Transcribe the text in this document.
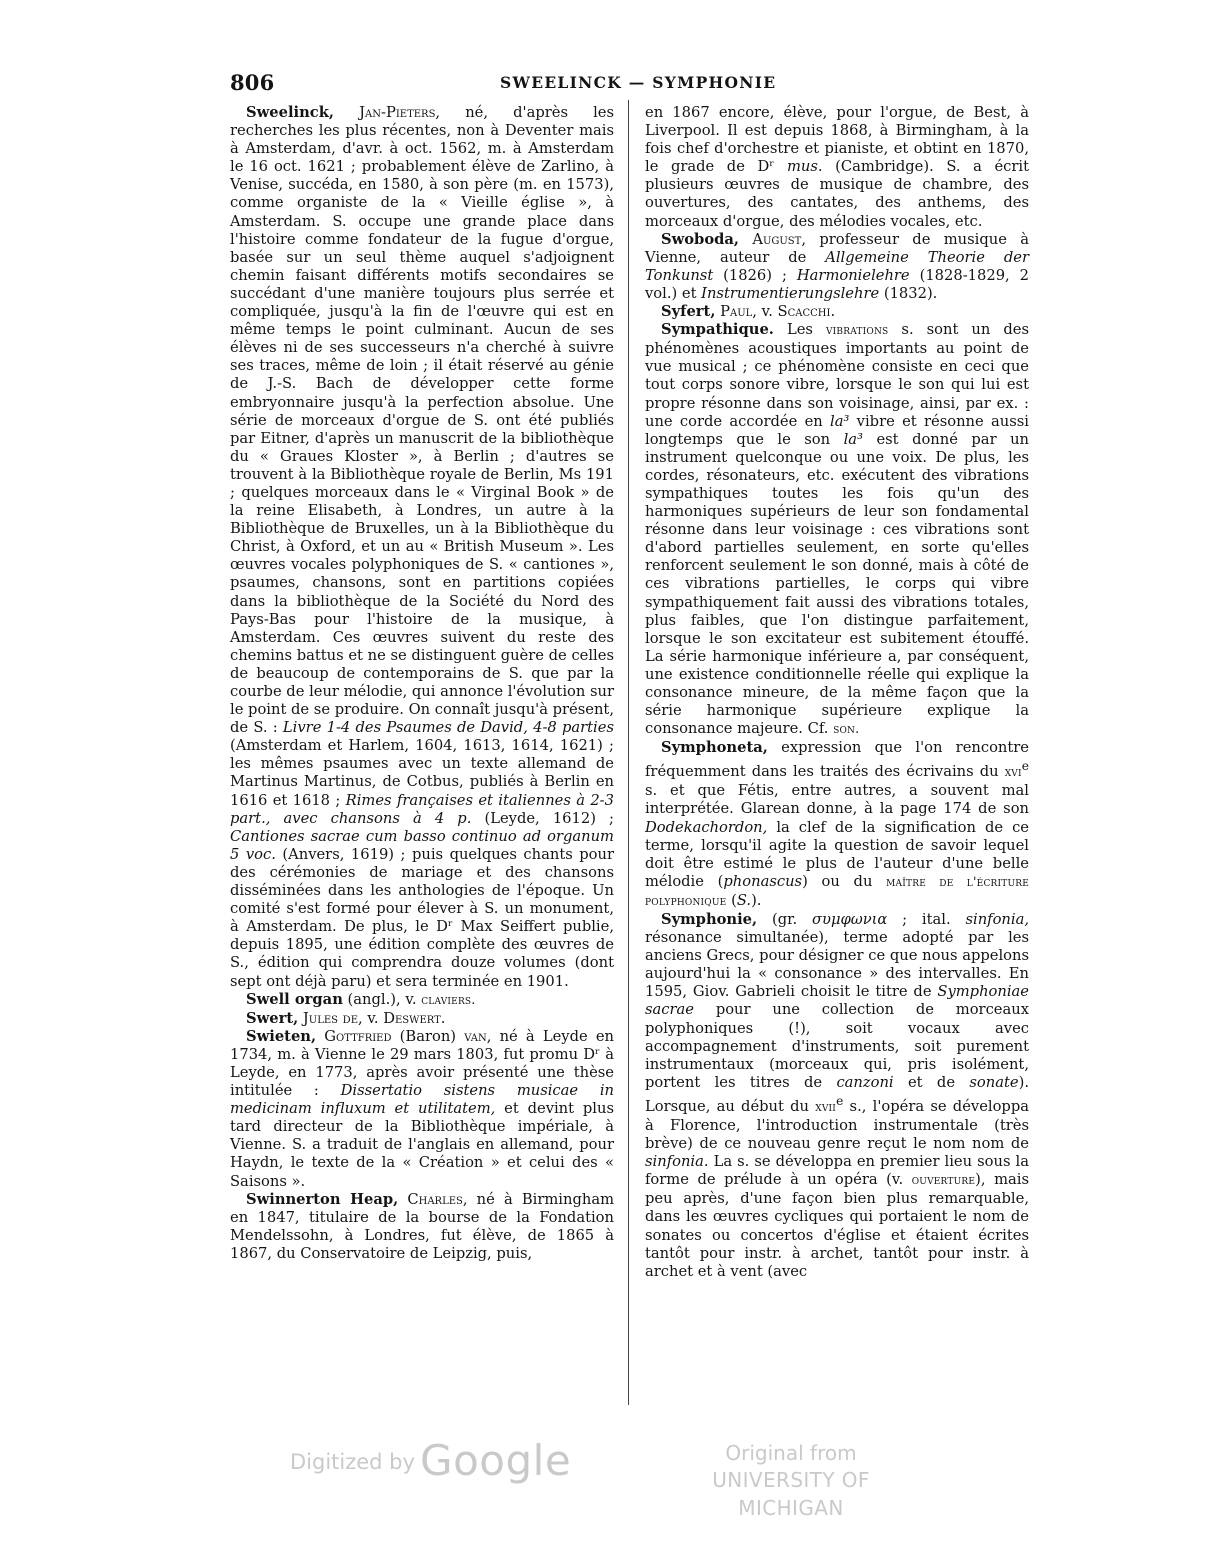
806	SWEELINCK — SYMPHONIE

Sweelinck, Jan-Pieters, né, d'après les recherches les plus récentes, non à Deventer mais à Amsterdam, d'avr. à oct. 1562, m. à Amsterdam le 16 oct. 1621 ; probablement élève de Zarlino, à Venise, succéda, en 1580, à son père (m. en 1573), comme organiste de la « Vieille église », à Amsterdam. S. occupe une grande place dans l'histoire comme fondateur de la fugue d'orgue, basée sur un seul thème auquel s'adjoignent chemin faisant différents motifs secondaires se succédant d'une manière toujours plus serrée et compliquée, jusqu'à la fin de l'œuvre qui est en même temps le point culminant. Aucun de ses élèves ni de ses successeurs n'a cherché à suivre ses traces, même de loin ; il était réservé au génie de J.-S. Bach de développer cette forme embryonnaire jusqu'à la perfection absolue. Une série de morceaux d'orgue de S. ont été publiés par Eitner, d'après un manuscrit de la bibliothèque du « Graues Kloster », à Berlin ; d'autres se trouvent à la Bibliothèque royale de Berlin, Ms 191 ; quelques morceaux dans le « Virginal Book » de la reine Elisabeth, à Londres, un autre à la Bibliothèque de Bruxelles, un à la Bibliothèque du Christ, à Oxford, et un au « British Museum ». Les œuvres vocales polyphoniques de S. « cantiones », psaumes, chansons, sont en partitions copiées dans la bibliothèque de la Société du Nord des Pays-Bas pour l'histoire de la musique, à Amsterdam. Ces œuvres suivent du reste des chemins battus et ne se distinguent guère de celles de beaucoup de contemporains de S. que par la courbe de leur mélodie, qui annonce l'évolution sur le point de se produire. On connaît jusqu'à présent, de S. : Livre 1-4 des Psaumes de David, 4-8 parties (Amsterdam et Harlem, 1604, 1613, 1614, 1621) ; les mêmes psaumes avec un texte allemand de Martinus Martinus, de Cotbus, publiés à Berlin en 1616 et 1618 ; Rimes françaises et italiennes à 2-3 part., avec chansons à 4 p. (Leyde, 1612) ; Cantiones sacrae cum basso continuo ad organum 5 voc. (Anvers, 1619) ; puis quelques chants pour des cérémonies de mariage et des chansons disséminées dans les anthologies de l'époque. Un comité s'est formé pour élever à S. un monument, à Amsterdam. De plus, le Dʳ Max Seiffert publie, depuis 1895, une édition complète des œuvres de S., édition qui comprendra douze volumes (dont sept ont déjà paru) et sera terminée en 1901.

Swell organ (angl.), v. claviers.

Swert, Jules de, v. Deswert.

Swieten, Gottfried (Baron) van, né à Leyde en 1734, m. à Vienne le 29 mars 1803, fut promu Dʳ à Leyde, en 1773, après avoir présenté une thèse intitulée : Dissertatio sistens musicae in medicinam influxum et utilitatem, et devint plus tard directeur de la Bibliothèque impériale, à Vienne. S. a traduit de l'anglais en allemand, pour Haydn, le texte de la « Création » et celui des « Saisons ».

Swinnerton Heap, Charles, né à Birmingham en 1847, titulaire de la bourse de la Fondation Mendelssohn, à Londres, fut élève, de 1865 à 1867, du Conservatoire de Leipzig, puis,

en 1867 encore, élève, pour l'orgue, de Best, à Liverpool. Il est depuis 1868, à Birmingham, à la fois chef d'orchestre et pianiste, et obtint en 1870, le grade de Dʳ mus. (Cambridge). S. a écrit plusieurs œuvres de musique de chambre, des ouvertures, des cantates, des anthems, des morceaux d'orgue, des mélodies vocales, etc.

Swoboda, August, professeur de musique à Vienne, auteur de Allgemeine Theorie der Tonkunst (1826) ; Harmonielehre (1828-1829, 2 vol.) et Instrumentierungslehre (1832).

Syfert, Paul, v. Scacchi.

Sympathique. Les vibrations s. sont un des phénomènes acoustiques importants au point de vue musical ; ce phénomène consiste en ceci que tout corps sonore vibre, lorsque le son qui lui est propre résonne dans son voisinage, ainsi, par ex. : une corde accordée en la³ vibre et résonne aussi longtemps que le son la³ est donné par un instrument quelconque ou une voix. De plus, les cordes, résonateurs, etc. exécutent des vibrations sympathiques toutes les fois qu'un des harmoniques supérieurs de leur son fondamental résonne dans leur voisinage : ces vibrations sont d'abord partielles seulement, en sorte qu'elles renforcent seulement le son donné, mais à côté de ces vibrations partielles, le corps qui vibre sympathiquement fait aussi des vibrations totales, plus faibles, que l'on distingue parfaitement, lorsque le son excitateur est subitement étouffé. La série harmonique inférieure a, par conséquent, une existence conditionnelle réelle qui explique la consonance mineure, de la même façon que la série harmonique supérieure explique la consonance majeure. Cf. son.

Symphoneta, expression que l'on rencontre fréquemment dans les traités des écrivains du xvi$^e$ s. et que Fétis, entre autres, a souvent mal interprétée. Glarean donne, à la page 174 de son Dodekachordon, la clef de la signification de ce terme, lorsqu'il agite la question de savoir lequel doit être estimé le plus de l'auteur d'une belle mélodie (phonascus) ou du maître de l'écriture polyphonique (S.).

Symphonie, (gr. συμφωνια ; ital. sinfonia, résonance simultanée), terme adopté par les anciens Grecs, pour désigner ce que nous appelons aujourd'hui la « consonance » des intervalles. En 1595, Giov. Gabrieli choisit le titre de Symphoniae sacrae pour une collection de morceaux polyphoniques (!), soit vocaux avec accompagnement d'instruments, soit purement instrumentaux (morceaux qui, pris isolément, portent les titres de canzoni et de sonate). Lorsque, au début du xvii$^e$ s., l'opéra se développa à Florence, l'introduction instrumentale (très brève) de ce nouveau genre reçut le nom nom de sinfonia. La s. se développa en premier lieu sous la forme de prélude à un opéra (v. ouverture), mais peu après, d'une façon bien plus remarquable, dans les œuvres cycliques qui portaient le nom de sonates ou concertos d'église et étaient écrites tantôt pour instr. à archet, tantôt pour instr. à archet et à vent (avec

Digitized by Google	Original from
UNIVERSITY OF MICHIGAN
